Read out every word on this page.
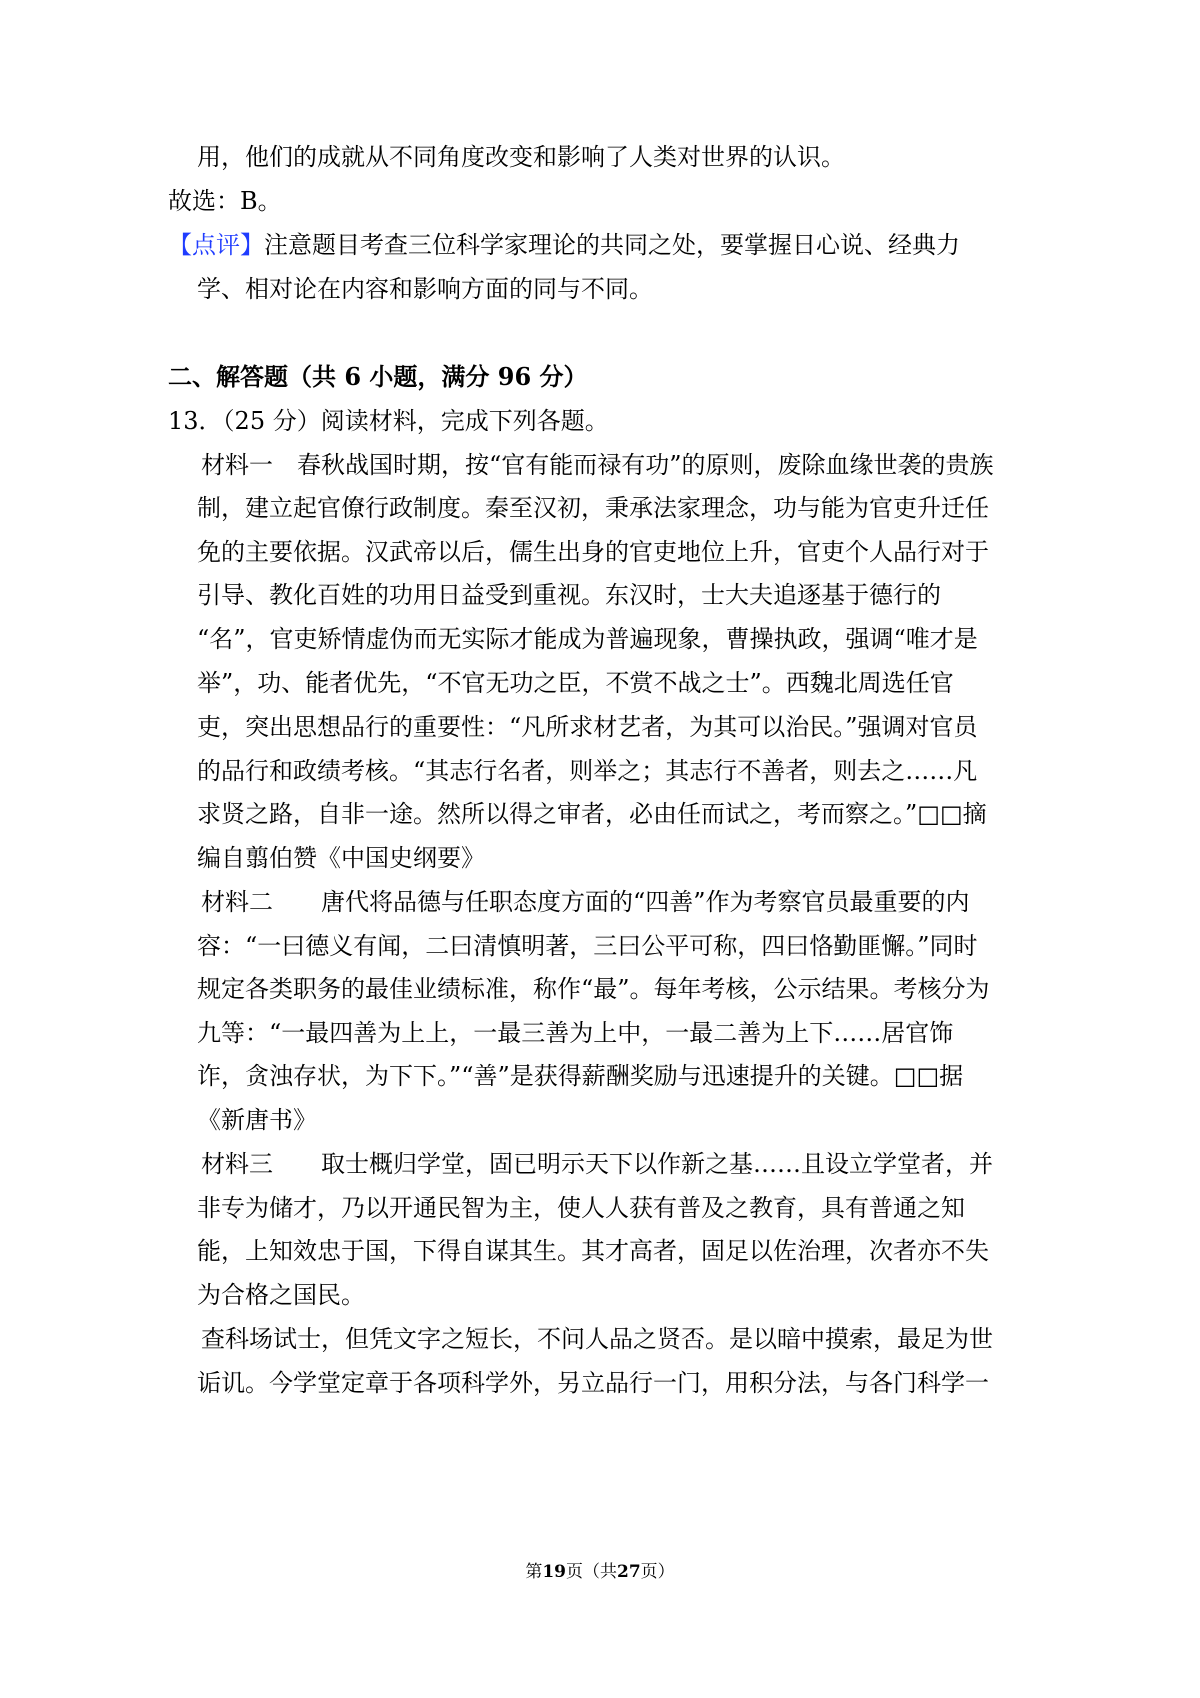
用，他们的成就从不同角度改变和影响了人类对世界的认识。
故选：B。
【点评】注意题目考查三位科学家理论的共同之处，要掌握日心说、经典力
学、相对论在内容和影响方面的同与不同。
二、解答题（共 6 小题，满分 96 分）
13．（25 分）阅读材料，完成下列各题。
材料一　春秋战国时期，按“官有能而禄有功”的原则，废除血缘世袭的贵族
制，建立起官僚行政制度。秦至汉初，秉承法家理念，功与能为官吏升迁任
免的主要依据。汉武帝以后，儒生出身的官吏地位上升，官吏个人品行对于
引导、教化百姓的功用日益受到重视。东汉时，士大夫追逐基于德行的
“名”，官吏矫情虚伪而无实际才能成为普遍现象，曹操执政，强调“唯才是
举”，功、能者优先，“不官无功之臣，不赏不战之士”。西魏北周选任官
吏，突出思想品行的重要性：“凡所求材艺者，为其可以治民。”强调对官员
的品行和政绩考核。“其志行名者，则举之；其志行不善者，则去之……凡
求贤之路，自非一途。然所以得之审者，必由任而试之，考而察之。”□□摘
编自翦伯赞《中国史纲要》
材料二　　唐代将品德与任职态度方面的“四善”作为考察官员最重要的内
容：“一曰德义有闻，二曰清慎明著，三曰公平可称，四曰恪勤匪懈。”同时
规定各类职务的最佳业绩标准，称作“最”。每年考核，公示结果。考核分为
九等：“一最四善为上上，一最三善为上中，一最二善为上下……居官饰
诈，贪浊存状，为下下。”“善”是获得薪酬奖励与迅速提升的关键。□□据
《新唐书》
材料三　　取士概归学堂，固已明示天下以作新之基……且设立学堂者，并
非专为储才，乃以开通民智为主，使人人获有普及之教育，具有普通之知
能，上知效忠于国，下得自谋其生。其才高者，固足以佐治理，次者亦不失
为合格之国民。
查科场试士，但凭文字之短长，不问人品之贤否。是以暗中摸索，最足为世
诟讥。今学堂定章于各项科学外，另立品行一门，用积分法，与各门科学一
第19页（共27页）
